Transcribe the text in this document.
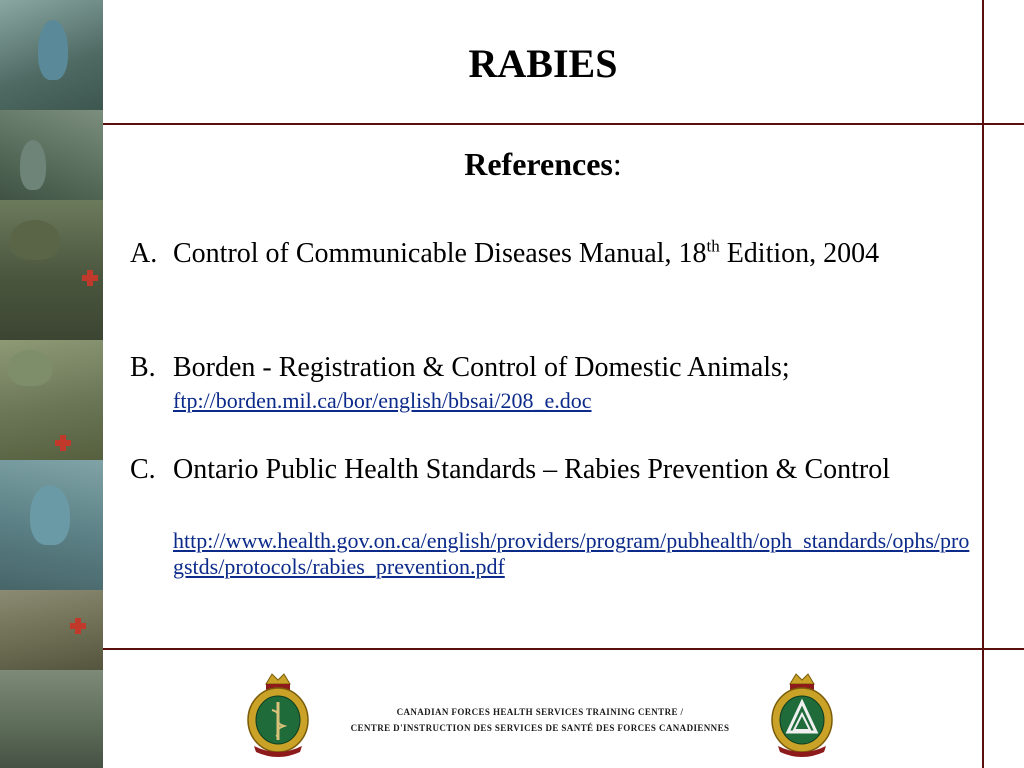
RABIES

References:

A. Control of Communicable Diseases Manual, 18th Edition, 2004
B. Borden - Registration & Control of Domestic Animals;
ftp://borden.mil.ca/bor/english/bbsai/208_e.doc
C. Ontario Public Health Standards – Rabies Prevention & Control
http://www.health.gov.on.ca/english/providers/program/pubhealth/oph_standards/ophs/progstds/protocols/rabies_prevention.pdf
CANADIAN FORCES HEALTH SERVICES TRAINING CENTRE /
CENTRE D'INSTRUCTION DES SERVICES DE SANTÉ DES FORCES CANADIENNES
